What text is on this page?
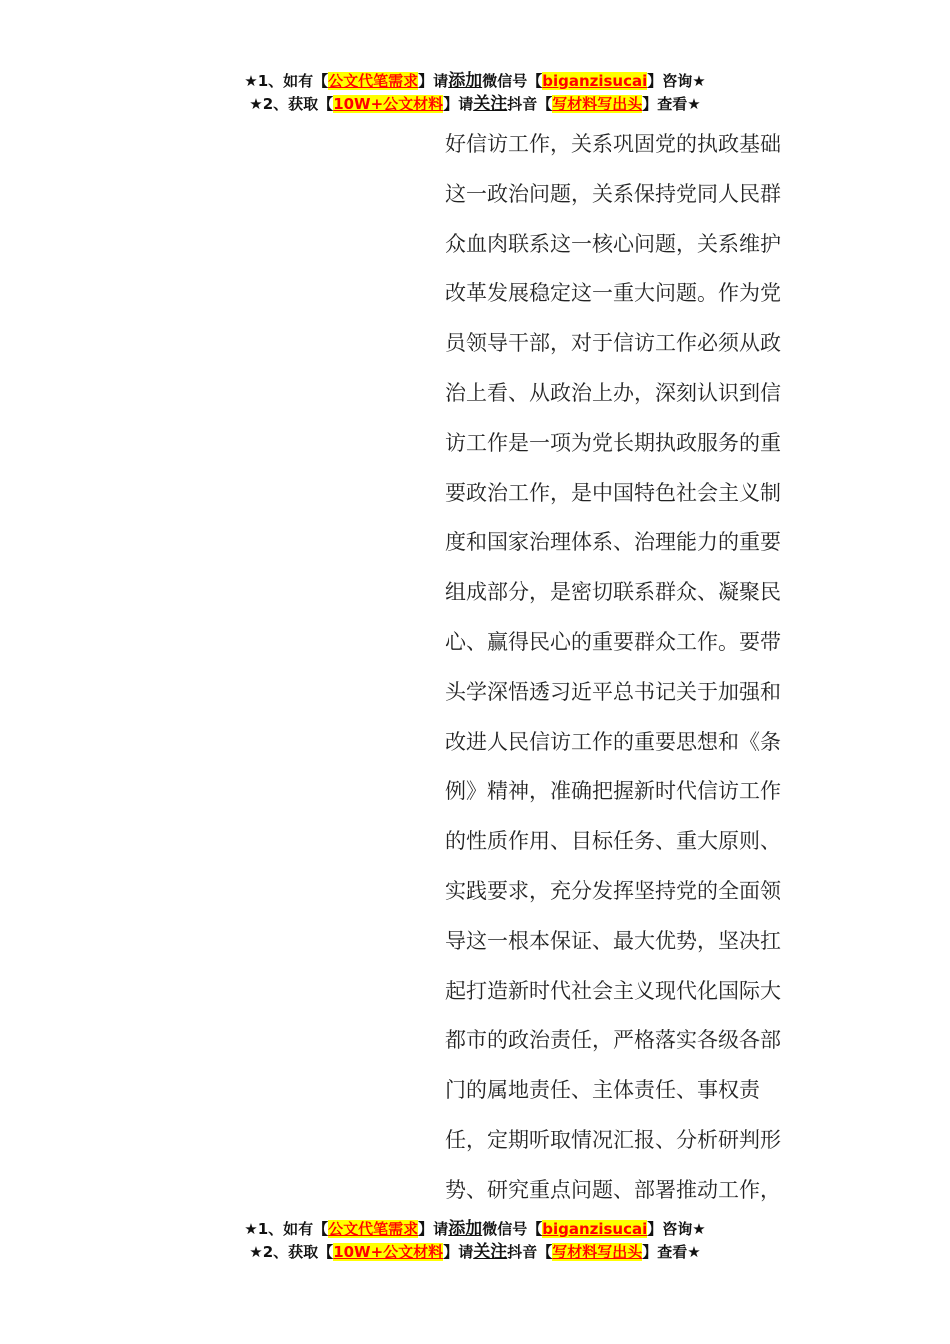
★1、如有【公文代笔需求】请添加微信号【biganzisucai】咨询★
★2、获取【10W+公文材料】请关注抖音【写材料写出头】查看★
好信访工作，关系巩固党的执政基础
这一政治问题，关系保持党同人民群
众血肉联系这一核心问题，关系维护
改革发展稳定这一重大问题。作为党
员领导干部，对于信访工作必须从政
治上看、从政治上办，深刻认识到信
访工作是一项为党长期执政服务的重
要政治工作，是中国特色社会主义制
度和国家治理体系、治理能力的重要
组成部分，是密切联系群众、凝聚民
心、赢得民心的重要群众工作。要带
头学深悟透习近平总书记关于加强和
改进人民信访工作的重要思想和《条
例》精神，准确把握新时代信访工作
的性质作用、目标任务、重大原则、
实践要求，充分发挥坚持党的全面领
导这一根本保证、最大优势，坚决扛
起打造新时代社会主义现代化国际大
都市的政治责任，严格落实各级各部
门的属地责任、主体责任、事权责
任，定期听取情况汇报、分析研判形
势、研究重点问题、部署推动工作，
★1、如有【公文代笔需求】请添加微信号【biganzisucai】咨询★
★2、获取【10W+公文材料】请关注抖音【写材料写出头】查看★
